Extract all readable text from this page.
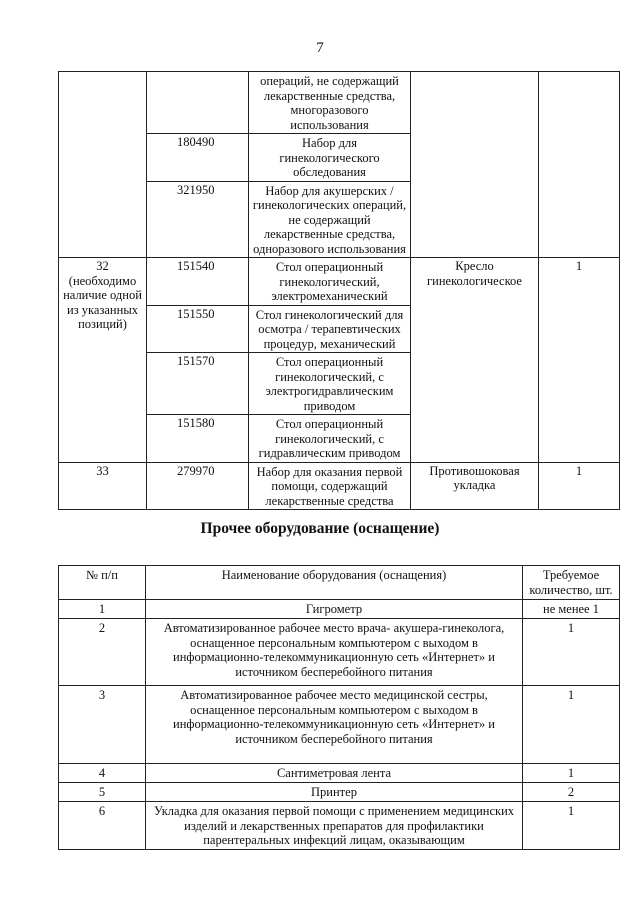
7
		операций, не содержащий лекарственные средства, многоразового использования		
	180490	Набор для гинекологического обследования		
	321950	Набор для акушерских /гинекологических операций, не содержащий лекарственные средства, одноразового использования		
32 (необходимо наличие одной из указанных позиций)	151540	Стол операционный гинекологический, электромеханический	Кресло гинекологическое	1
	151550	Стол гинекологический для осмотра / терапевтических процедур, механический		
	151570	Стол операционный гинекологический, с электрогидравлическим приводом		
	151580	Стол операционный гинекологический, с гидравлическим приводом		
33	279970	Набор для оказания первой помощи, содержащий лекарственные средства	Противошоковая укладка	1
Прочее оборудование (оснащение)
№ п/п	Наименование оборудования (оснащения)	Требуемое количество, шт.
1	Гигрометр	не менее 1
2	Автоматизированное рабочее место врача- акушера-гинеколога, оснащенное персональным компьютером с выходом в информационно-телекоммуникационную сеть «Интернет» и источником бесперебойного питания	1
3	Автоматизированное рабочее место медицинской сестры, оснащенное персональным компьютером с выходом в информационно-телекоммуникационную сеть «Интернет» и источником бесперебойного питания	1
4	Сантиметровая лента	1
5	Принтер	2
6	Укладка для оказания первой помощи с применением медицинских изделий и лекарственных препаратов для профилактики парентеральных инфекций лицам, оказывающим	1
